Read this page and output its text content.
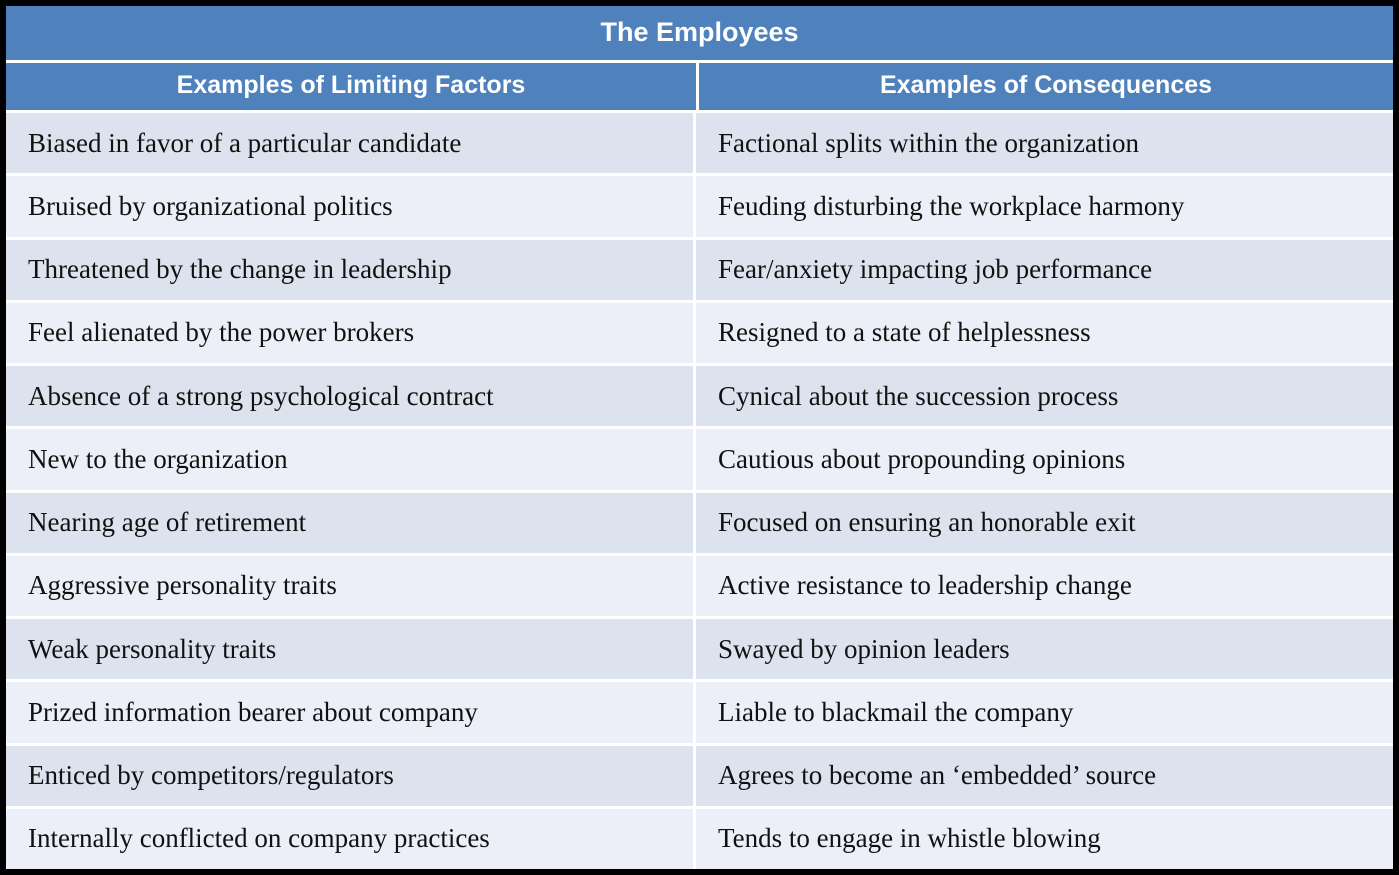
The Employees
Examples of Limiting Factors	Examples of Consequences
Biased in favor of a particular candidate	Factional splits within the organization
Bruised by organizational politics	Feuding disturbing the workplace harmony
Threatened by the change in leadership	Fear/anxiety impacting job performance
Feel alienated by the power brokers	Resigned to a state of helplessness
Absence of a strong psychological contract	Cynical about the succession process
New to the organization	Cautious about propounding opinions
Nearing age of retirement	Focused on ensuring an honorable exit
Aggressive personality traits	Active resistance to leadership change
Weak personality traits	Swayed by opinion leaders
Prized information bearer about company	Liable to blackmail the company
Enticed by competitors/regulators	Agrees to become an ‘embedded’ source
Internally conflicted on company practices	Tends to engage in whistle blowing
